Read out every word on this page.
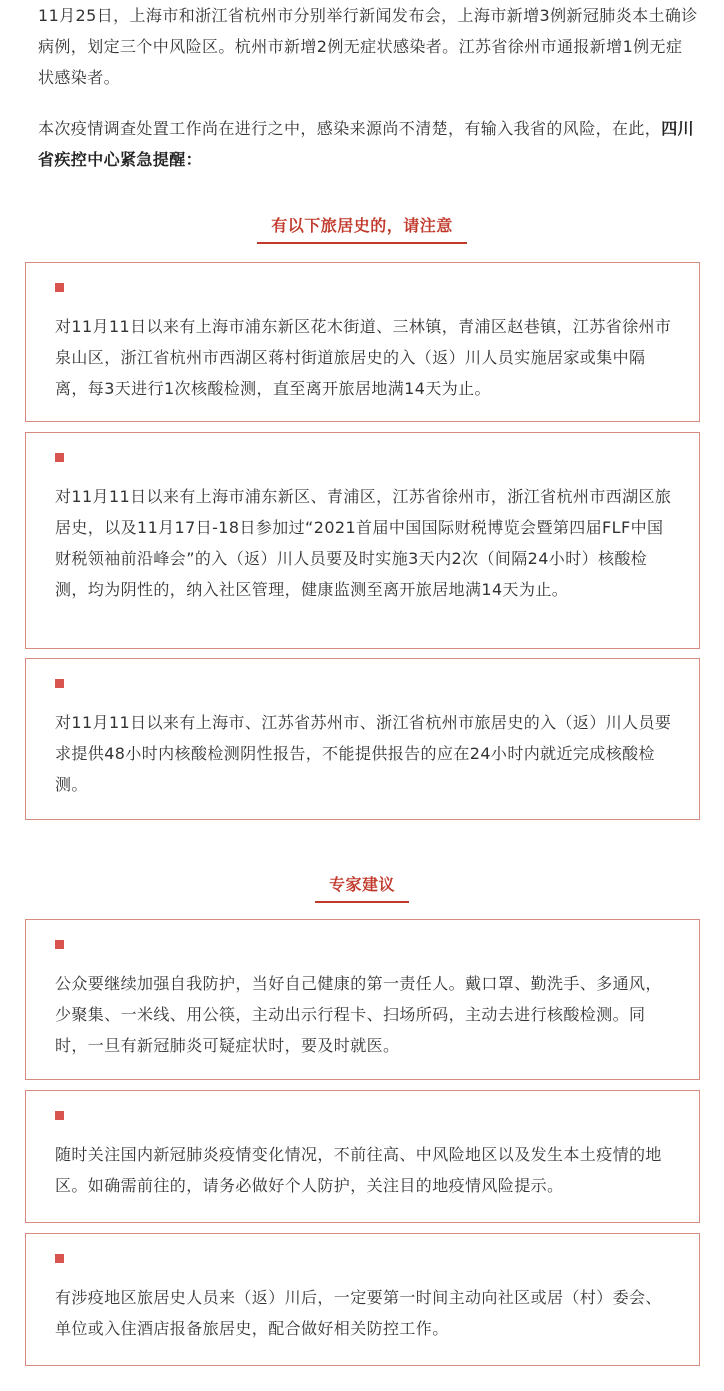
11月25日，上海市和浙江省杭州市分别举行新闻发布会，上海市新增3例新冠肺炎本土确诊病例，划定三个中风险区。杭州市新增2例无症状感染者。江苏省徐州市通报新增1例无症状感染者。

本次疫情调查处置工作尚在进行之中，感染来源尚不清楚，有输入我省的风险，在此，四川省疾控中心紧急提醒：

有以下旅居史的，请注意

对11月11日以来有上海市浦东新区花木街道、三林镇，青浦区赵巷镇，江苏省徐州市泉山区，浙江省杭州市西湖区蒋村街道旅居史的入（返）川人员实施居家或集中隔离，每3天进行1次核酸检测，直至离开旅居地满14天为止。

对11月11日以来有上海市浦东新区、青浦区，江苏省徐州市，浙江省杭州市西湖区旅居史，以及11月17日-18日参加过“2021首届中国国际财税博览会暨第四届FLF中国财税领袖前沿峰会”的入（返）川人员要及时实施3天内2次（间隔24小时）核酸检测，均为阴性的，纳入社区管理，健康监测至离开旅居地满14天为止。

对11月11日以来有上海市、江苏省苏州市、浙江省杭州市旅居史的入（返）川人员要求提供48小时内核酸检测阴性报告，不能提供报告的应在24小时内就近完成核酸检测。

专家建议

公众要继续加强自我防护，当好自己健康的第一责任人。戴口罩、勤洗手、多通风，少聚集、一米线、用公筷，主动出示行程卡、扫场所码，主动去进行核酸检测。同时，一旦有新冠肺炎可疑症状时，要及时就医。

随时关注国内新冠肺炎疫情变化情况，不前往高、中风险地区以及发生本土疫情的地区。如确需前往的，请务必做好个人防护，关注目的地疫情风险提示。

有涉疫地区旅居史人员来（返）川后，一定要第一时间主动向社区或居（村）委会、单位或入住酒店报备旅居史，配合做好相关防控工作。
